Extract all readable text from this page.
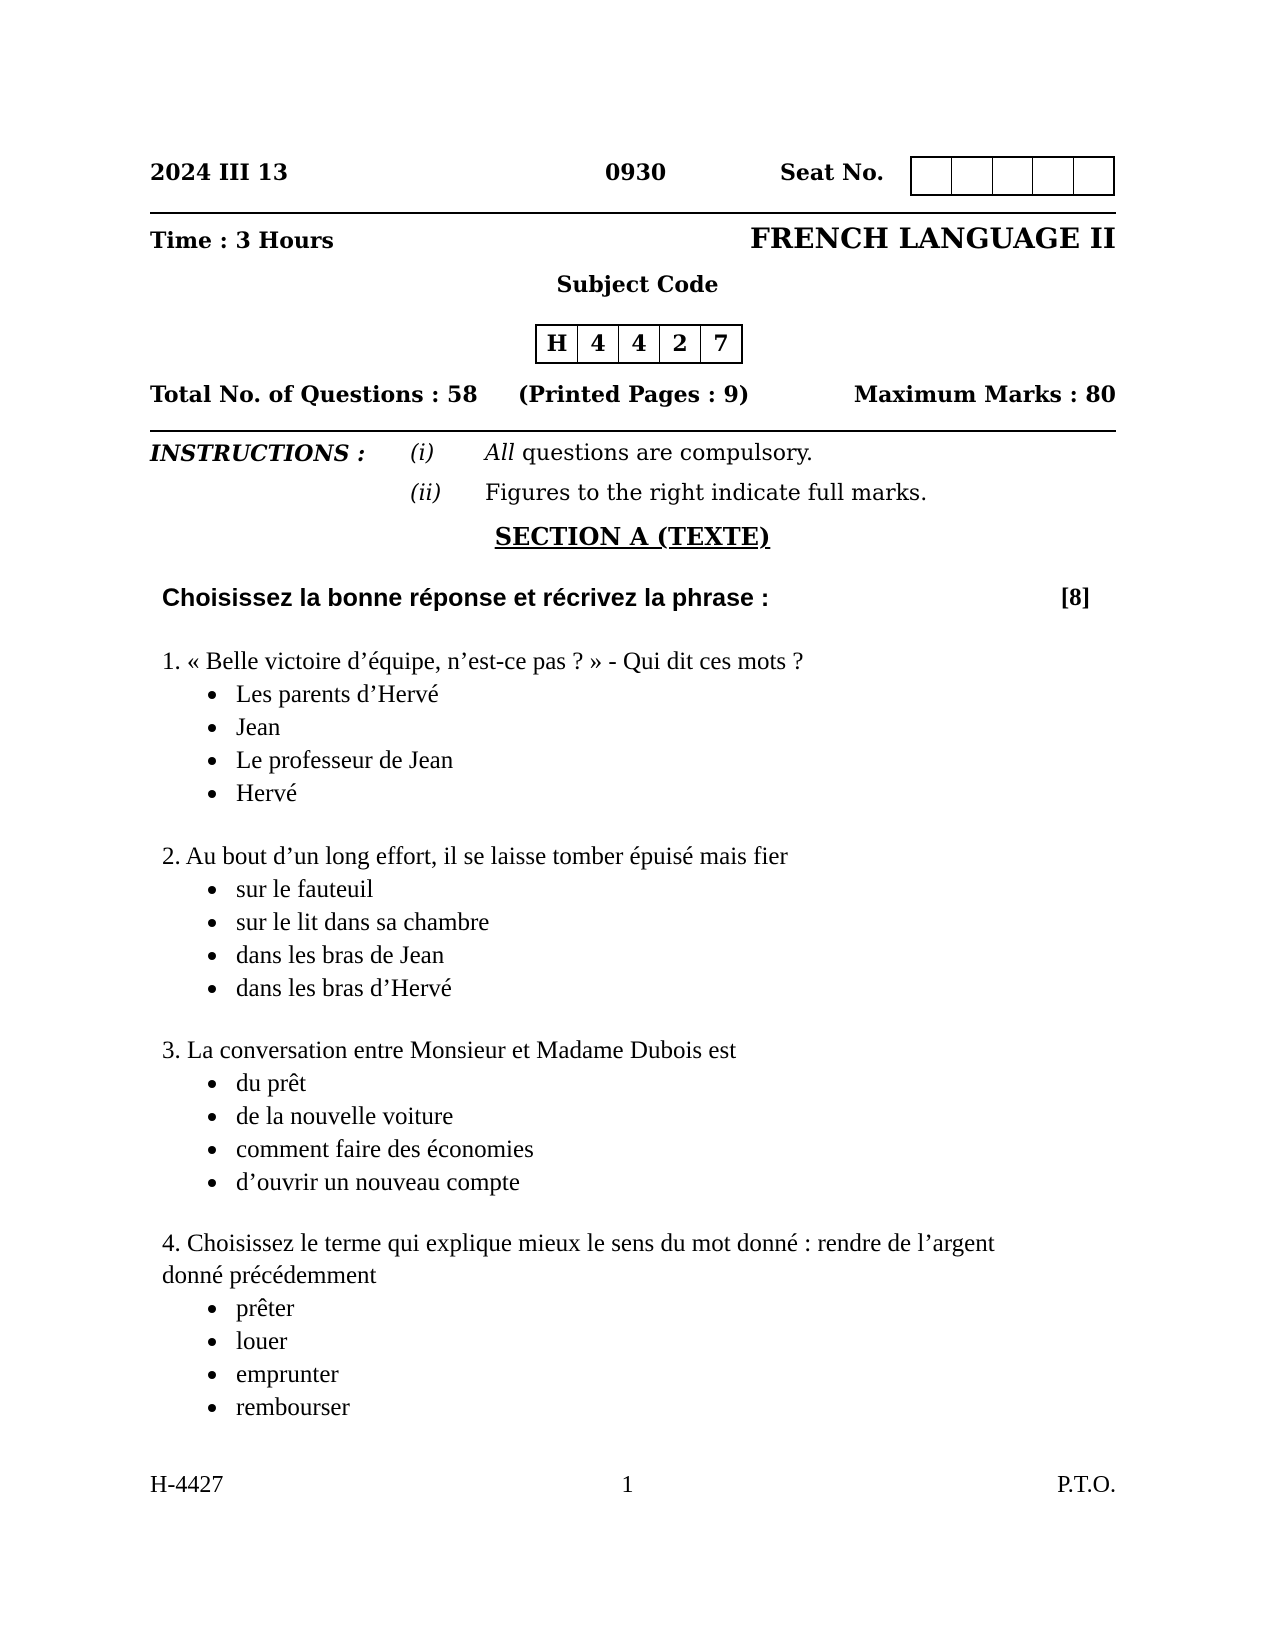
2024 III 13	0930	Seat No.
Time : 3 Hours	FRENCH LANGUAGE II
Subject Code
H	4	4	2	7
Total No. of Questions : 58 (Printed Pages : 9)	Maximum Marks : 80
INSTRUCTIONS : (i) All questions are compulsory.
(ii) Figures to the right indicate full marks.
SECTION A (TEXTE)
Choisissez la bonne réponse et récrivez la phrase :	[8]
1. « Belle victoire d’équipe, n’est-ce pas ? » - Qui dit ces mots ?
Les parents d’Hervé
Jean
Le professeur de Jean
Hervé
2. Au bout d’un long effort, il se laisse tomber épuisé mais fier
sur le fauteuil
sur le lit dans sa chambre
dans les bras de Jean
dans les bras d’Hervé
3. La conversation entre Monsieur et Madame Dubois est
du prêt
de la nouvelle voiture
comment faire des économies
d’ouvrir un nouveau compte
4. Choisissez le terme qui explique mieux le sens du mot donné : rendre de l’argent
donné précédemment
prêter
louer
emprunter
rembourser
H-4427	1	P.T.O.
